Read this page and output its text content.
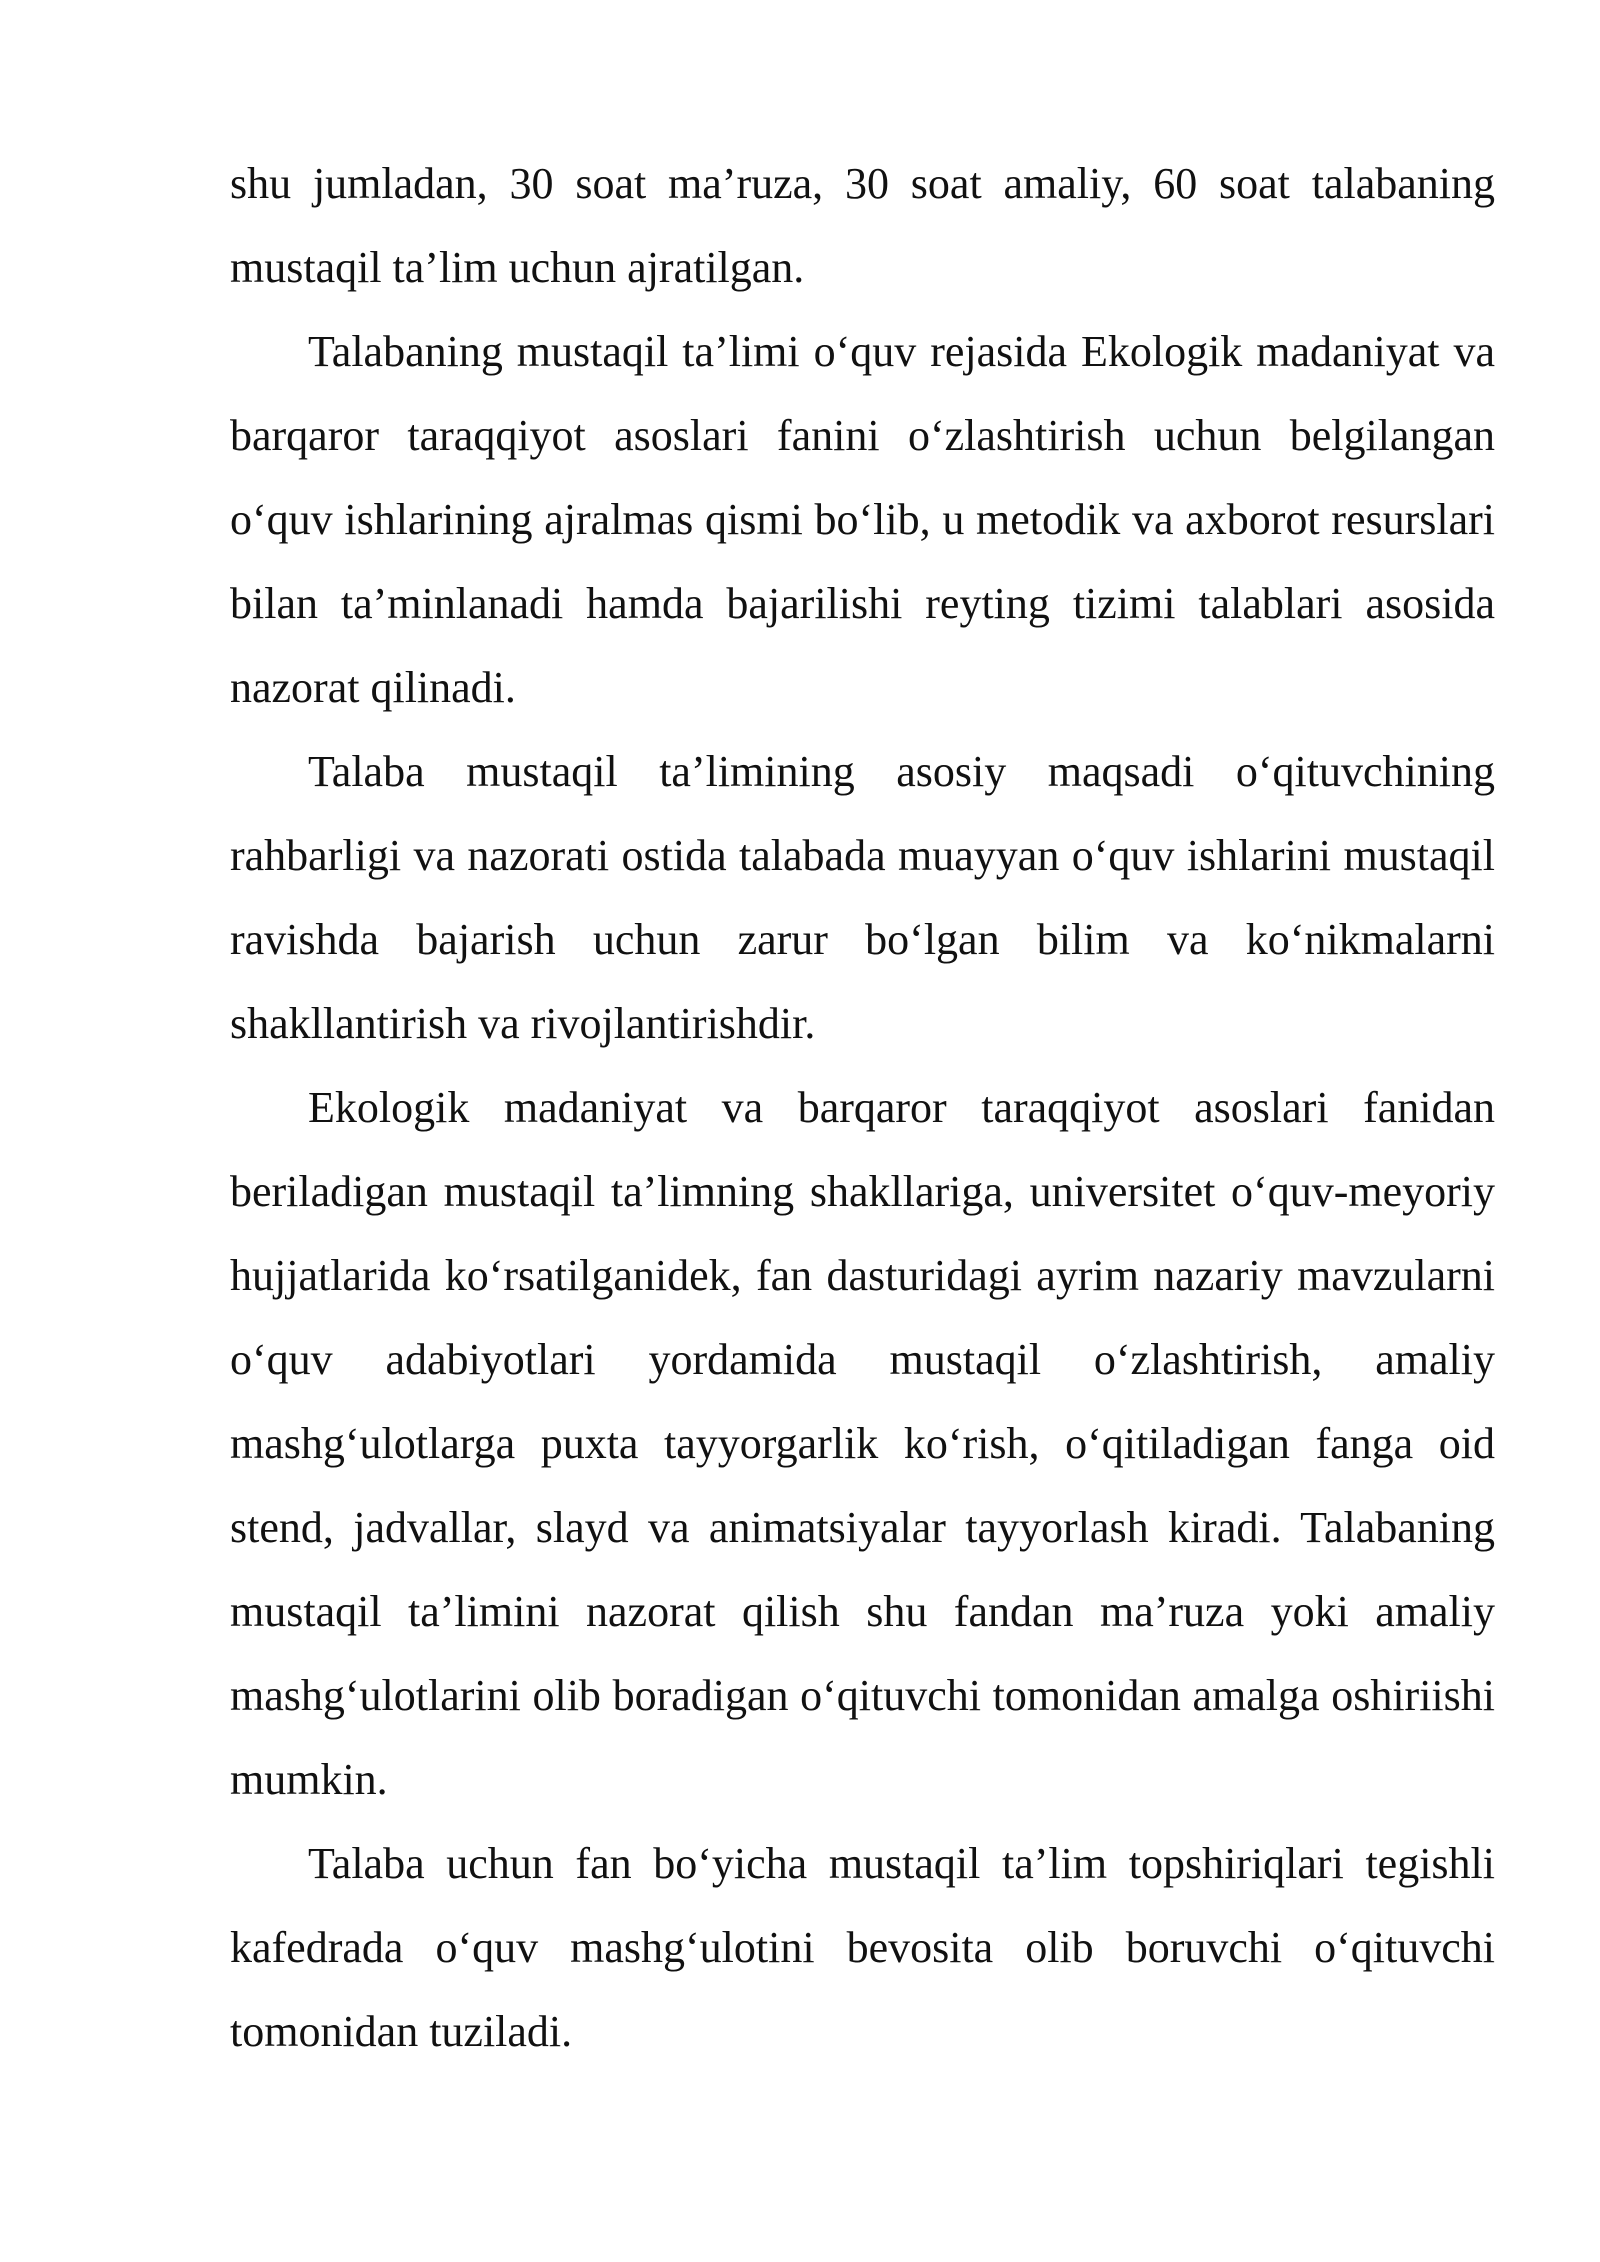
shu jumladan, 30 soat ma’ruza, 30 soat amaliy, 60 soat talabaning mustaqil ta’lim uchun ajratilgan.

Talabaning mustaqil ta’limi o‘quv rejasida Ekologik madaniyat va barqaror taraqqiyot asoslari fanini o‘zlashtirish uchun belgilangan o‘quv ishlarining ajralmas qismi bo‘lib, u metodik va axborot resurslari bilan ta’minlanadi hamda bajarilishi reyting tizimi talablari asosida nazorat qilinadi.

Talaba mustaqil ta’limining asosiy maqsadi o‘qituvchining rahbarligi va nazorati ostida talabada muayyan o‘quv ishlarini mustaqil ravishda bajarish uchun zarur bo‘lgan bilim va ko‘nikmalarni shakllantirish va rivojlantirishdir.

Ekologik madaniyat va barqaror taraqqiyot asoslari fanidan beriladigan mustaqil ta’limning shakllariga, universitet o‘quv-meyoriy hujjatlarida ko‘rsatilganidek, fan dasturidagi ayrim nazariy mavzularni o‘quv adabiyotlari yordamida mustaqil o‘zlashtirish, amaliy mashg‘ulotlarga puxta tayyorgarlik ko‘rish, o‘qitiladigan fanga oid stend, jadvallar, slayd va animatsiyalar tayyorlash kiradi. Talabaning mustaqil ta’limini nazorat qilish shu fandan ma’ruza yoki amaliy mashg‘ulotlarini olib boradigan o‘qituvchi tomonidan amalga oshiriishi mumkin.

Talaba uchun fan bo‘yicha mustaqil ta’lim topshiriqlari tegishli kafedrada o‘quv mashg‘ulotini bevosita olib boruvchi o‘qituvchi tomonidan tuziladi.
